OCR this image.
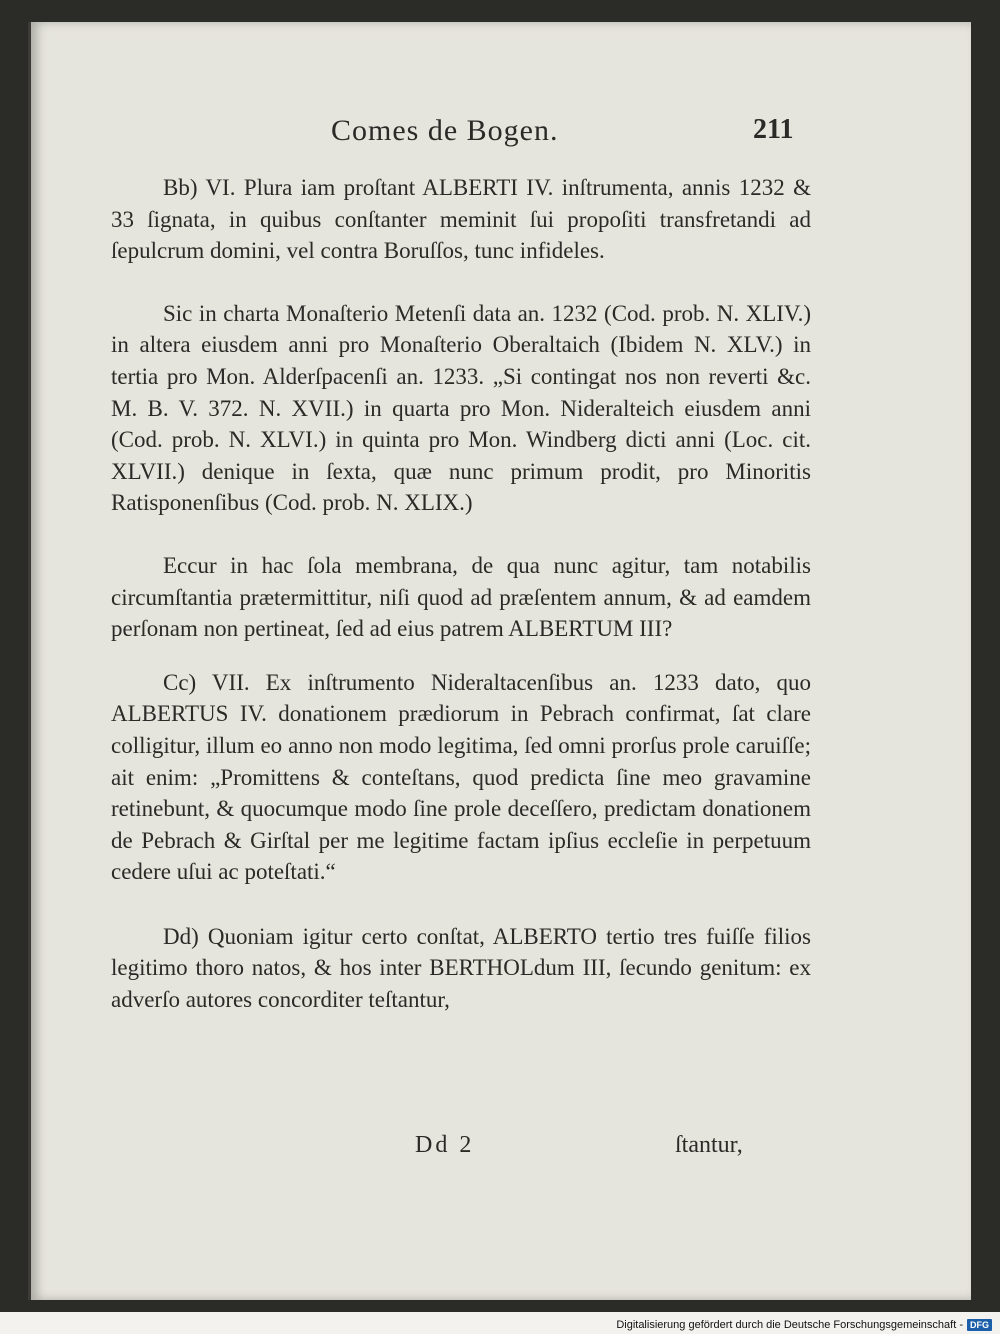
Comes de Bogen.	211

Bb) VI. Plura iam proſtant ALBERTI IV. inſtrumenta, annis 1232 & 33 ſignata, in quibus conſtanter meminit ſui propoſiti transfretandi ad ſepulcrum domini, vel contra Boruſſos, tunc infideles.

Sic in charta Monaſterio Metenſi data an. 1232 (Cod. prob. N. XLIV.) in altera eiusdem anni pro Monaſterio Oberaltaich (Ibidem N. XLV.) in tertia pro Mon. Alderſpacenſi an. 1233. „Si contingat nos non reverti &c. M. B. V. 372. N. XVII.) in quarta pro Mon. Nideralteich eiusdem anni (Cod. prob. N. XLVI.) in quinta pro Mon. Windberg dicti anni (Loc. cit. XLVII.) denique in ſexta, quæ nunc primum prodit, pro Minoritis Ratisponenſibus (Cod. prob. N. XLIX.)

Eccur in hac ſola membrana, de qua nunc agitur, tam notabilis circumſtantia prætermittitur, niſi quod ad præſentem annum, & ad eamdem perſonam non pertineat, ſed ad eius patrem ALBERTUM III?

Cc) VII. Ex inſtrumento Nideraltacenſibus an. 1233 dato, quo ALBERTUS IV. donationem prædiorum in Pebrach confirmat, ſat clare colligitur, illum eo anno non modo legitima, ſed omni prorſus prole caruiſſe; ait enim: „Promittens & conteſtans, quod predicta ſine meo gravamine retinebunt, & quocumque modo ſine prole deceſſero, predictam donationem de Pebrach & Girſtal per me legitime factam ipſius eccleſie in perpetuum cedere uſui ac poteſtati.“

Dd) Quoniam igitur certo conſtat, ALBERTO tertio tres fuiſſe filios legitimo thoro natos, & hos inter BERTHOLdum III, ſecundo genitum: ex adverſo autores concorditer teſtantur,

Dd 2	ſtantur,
Digitalisierung gefördert durch die Deutsche Forschungsgemeinschaft - DFG
